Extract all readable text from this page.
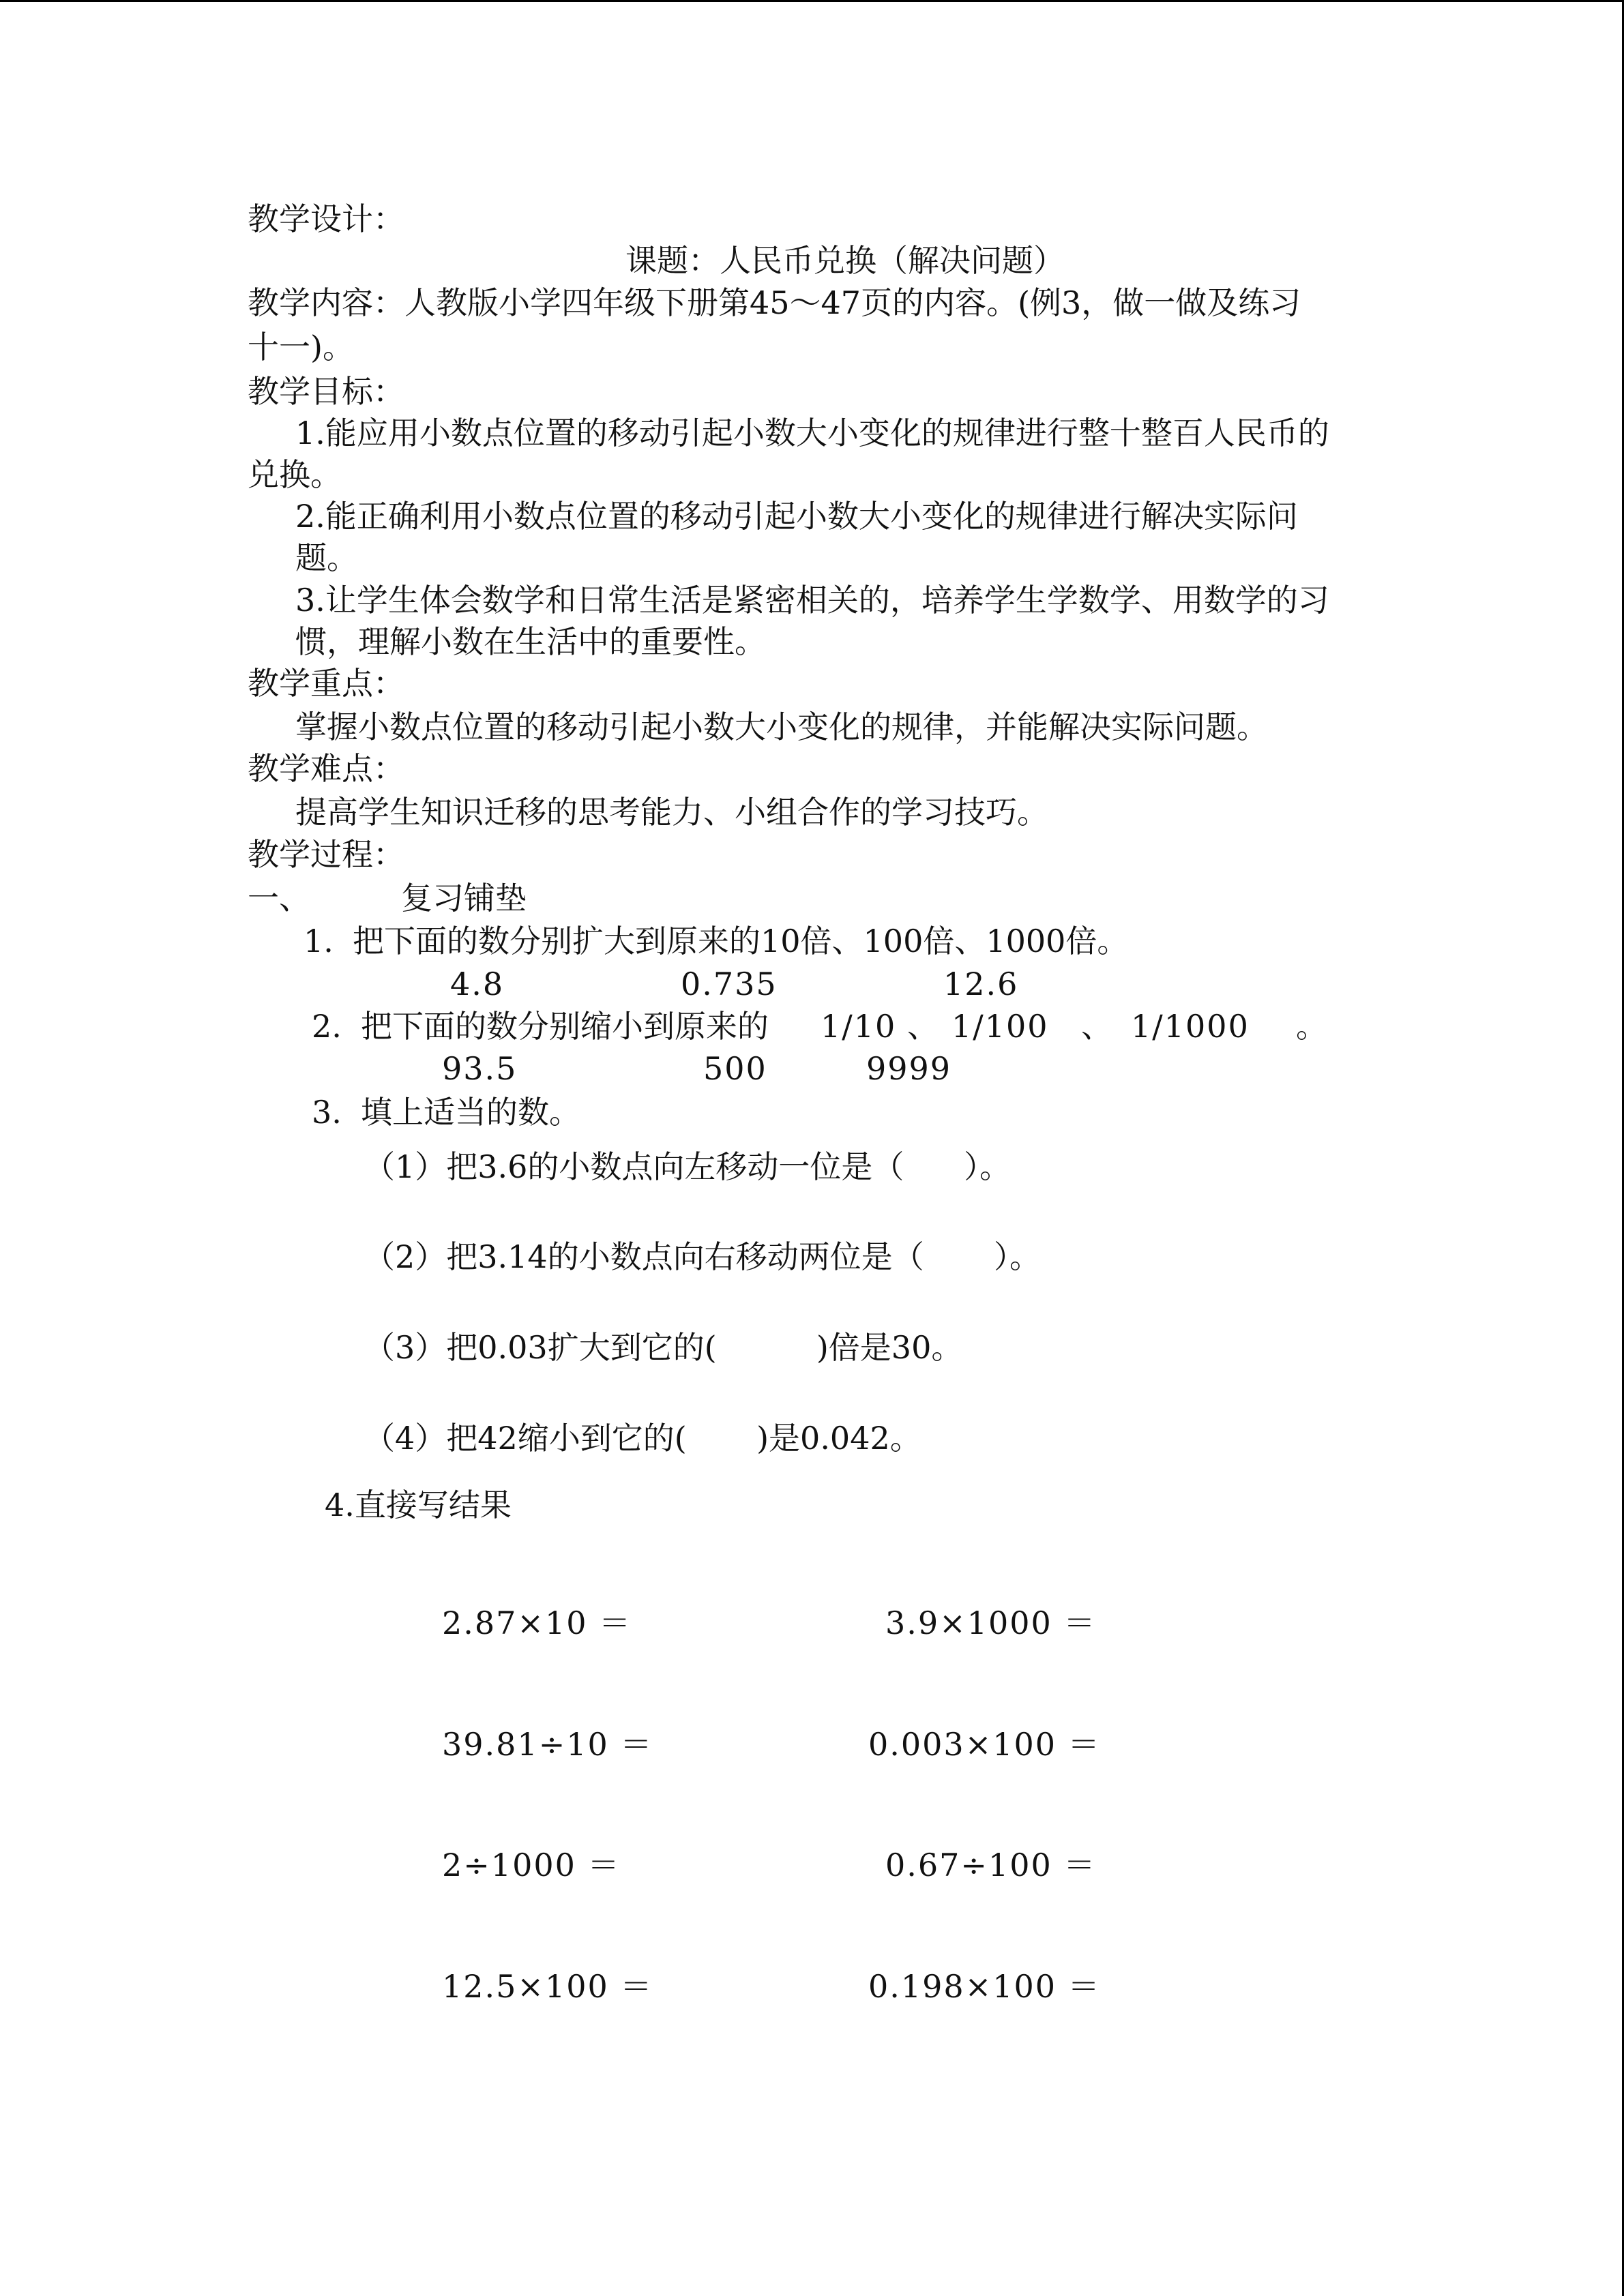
教学设计：
课题：人民币兑换（解决问题）
教学内容：人教版小学四年级下册第45～47页的内容。(例3，做一做及练习
十一)。
教学目标：
1.能应用小数点位置的移动引起小数大小变化的规律进行整十整百人民币的
兑换。
2.能正确利用小数点位置的移动引起小数大小变化的规律进行解决实际问
题。
3.让学生体会数学和日常生活是紧密相关的，培养学生学数学、用数学的习
惯，理解小数在生活中的重要性。
教学重点：
掌握小数点位置的移动引起小数大小变化的规律，并能解决实际问题。
教学难点：
提高学生知识迁移的思考能力、小组合作的学习技巧。
教学过程：
一、	复习铺垫
1. 把下面的数分别扩大到原来的10倍、100倍、1000倍。
4.8	0.735	12.6
2. 把下面的数分别缩小到原来的 1/10 、 1/100 、 1/1000 。
93.5	500	9999
3. 填上适当的数。
（1）把3.6的小数点向左移动一位是（      ）。
（2）把3.14的小数点向右移动两位是（       ）。
（3）把0.03扩大到它的(          )倍是30。
（4）把42缩小到它的(       )是0.042。
4.直接写结果
2.87×10 ＝	3.9×1000 ＝
39.81÷10 ＝	0.003×100 ＝
2÷1000 ＝	0.67÷100 ＝
12.5×100 ＝	0.198×100 ＝
